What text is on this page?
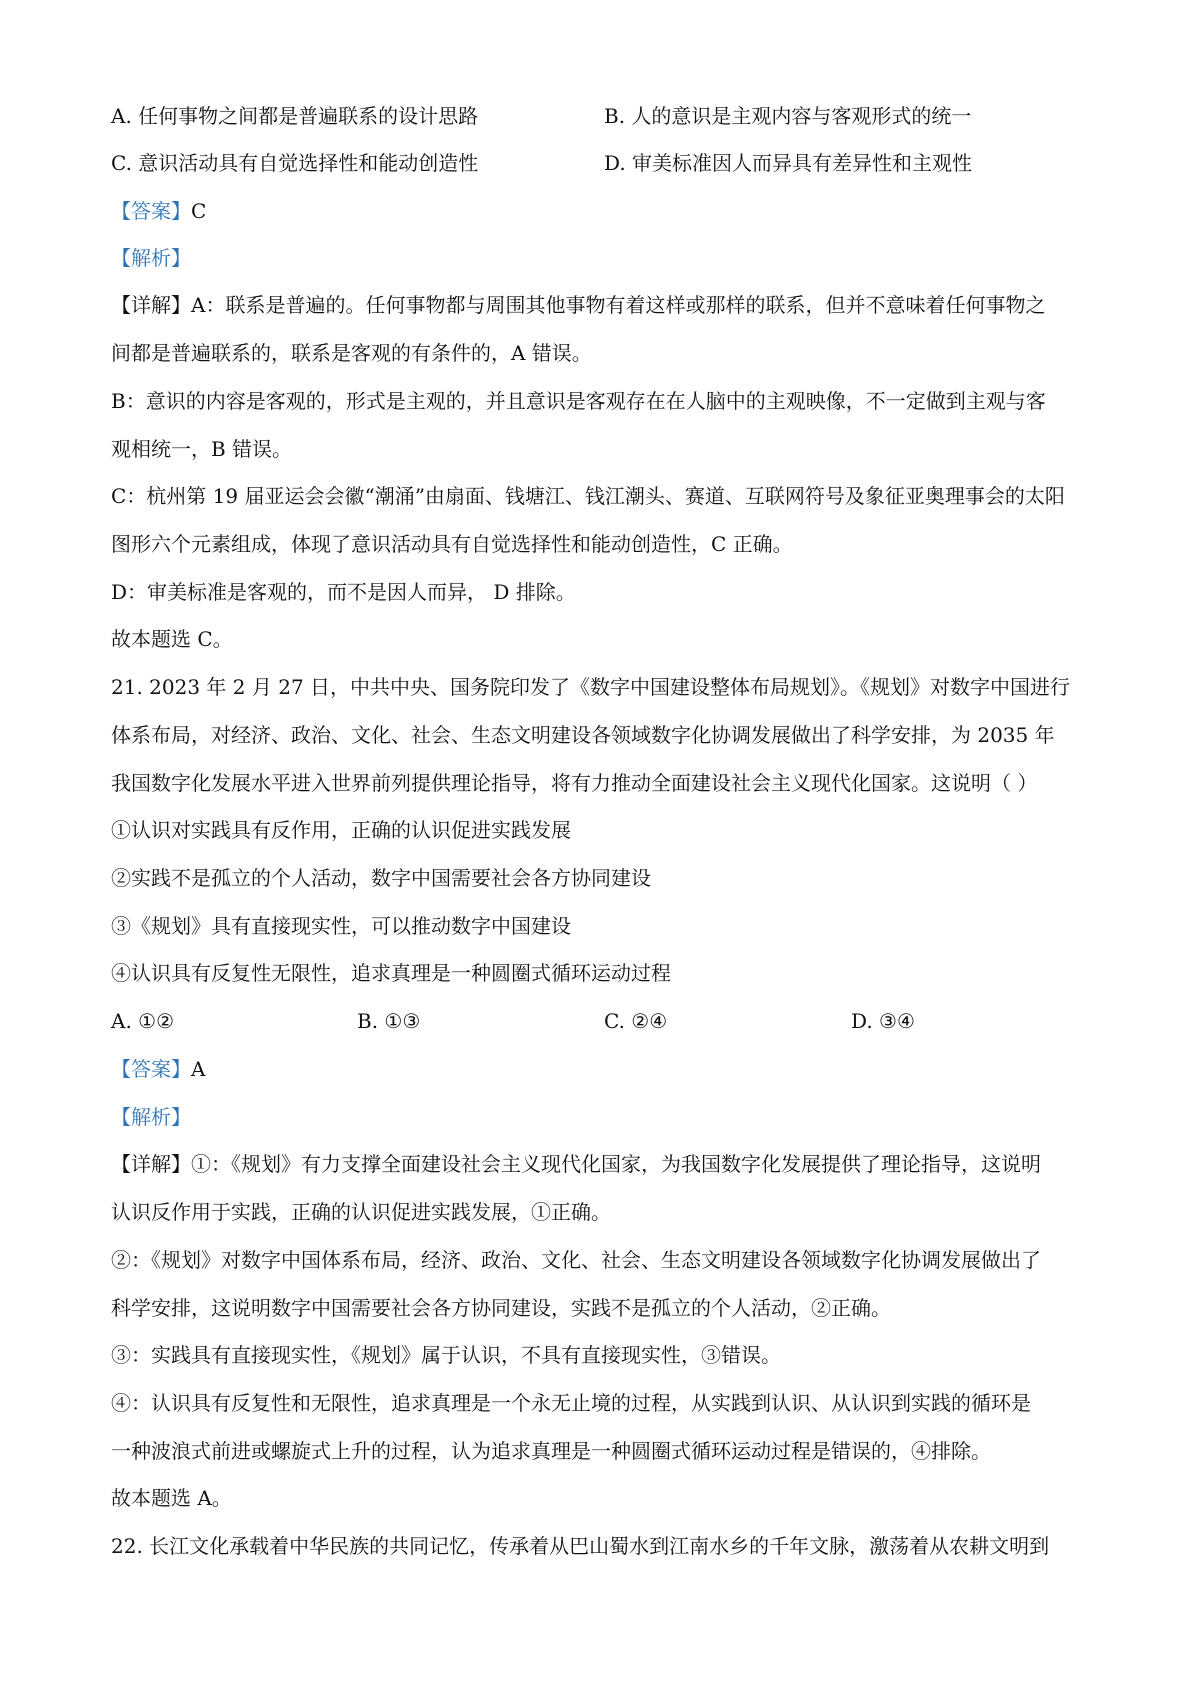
A. 任何事物之间都是普遍联系的设计思路	B. 人的意识是主观内容与客观形式的统一
C. 意识活动具有自觉选择性和能动创造性	D. 审美标准因人而异具有差异性和主观性
【答案】C
【解析】
【详解】A：联系是普遍的。任何事物都与周围其他事物有着这样或那样的联系，但并不意味着任何事物之
间都是普遍联系的，联系是客观的有条件的，A 错误。
B：意识的内容是客观的，形式是主观的，并且意识是客观存在在人脑中的主观映像，不一定做到主观与客
观相统一，B 错误。
C：杭州第 19 届亚运会会徽“潮涌”由扇面、钱塘江、钱江潮头、赛道、互联网符号及象征亚奥理事会的太阳
图形六个元素组成，体现了意识活动具有自觉选择性和能动创造性，C 正确。
D：审美标准是客观的，而不是因人而异， D 排除。
故本题选 C。
21. 2023 年 2 月 27 日，中共中央、国务院印发了《数字中国建设整体布局规划》。《规划》对数字中国进行
体系布局，对经济、政治、文化、社会、生态文明建设各领域数字化协调发展做出了科学安排，为 2035 年
我国数字化发展水平进入世界前列提供理论指导，将有力推动全面建设社会主义现代化国家。这说明（ ）
①认识对实践具有反作用，正确的认识促进实践发展
②实践不是孤立的个人活动，数字中国需要社会各方协同建设
③《规划》具有直接现实性，可以推动数字中国建设
④认识具有反复性无限性，追求真理是一种圆圈式循环运动过程
A. ①②	B. ①③	C. ②④	D. ③④
【答案】A
【解析】
【详解】①：《规划》有力支撑全面建设社会主义现代化国家，为我国数字化发展提供了理论指导，这说明
认识反作用于实践，正确的认识促进实践发展，①正确。
②：《规划》对数字中国体系布局，经济、政治、文化、社会、生态文明建设各领域数字化协调发展做出了
科学安排，这说明数字中国需要社会各方协同建设，实践不是孤立的个人活动，②正确。
③：实践具有直接现实性，《规划》属于认识，不具有直接现实性，③错误。
④：认识具有反复性和无限性，追求真理是一个永无止境的过程，从实践到认识、从认识到实践的循环是
一种波浪式前进或螺旋式上升的过程，认为追求真理是一种圆圈式循环运动过程是错误的，④排除。
故本题选 A。
22. 长江文化承载着中华民族的共同记忆，传承着从巴山蜀水到江南水乡的千年文脉，激荡着从农耕文明到
